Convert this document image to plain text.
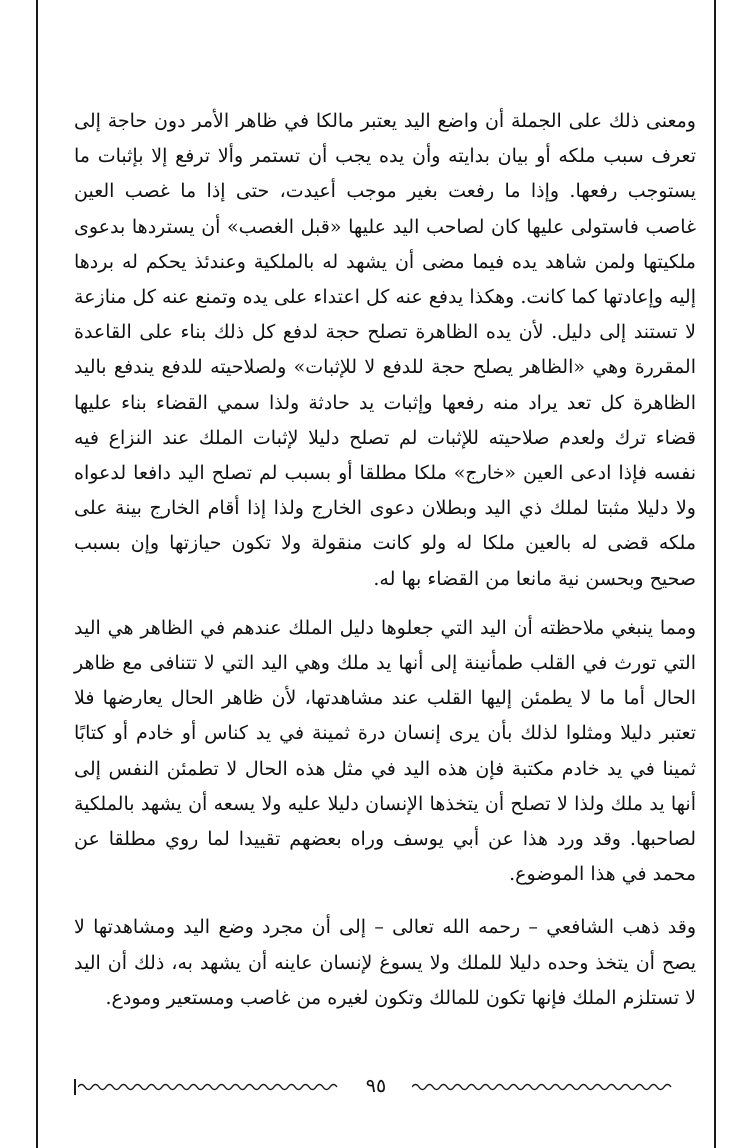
ومعنى ذلك على الجملة أن واضع اليد يعتبر مالكا في ظاهر الأمر دون حاجة إلى تعرف سبب ملكه أو بيان بدايته وأن يده يجب أن تستمر وألا ترفع إلا بإثبات ما يستوجب رفعها. وإذا ما رفعت بغير موجب أعيدت، حتى إذا ما غصب العين غاصب فاستولى عليها كان لصاحب اليد عليها «قبل الغصب» أن يستردها بدعوى ملكيتها ولمن شاهد يده فيما مضى أن يشهد له بالملكية وعندئذ يحكم له بردها إليه وإعادتها كما كانت. وهكذا يدفع عنه كل اعتداء على يده وتمنع عنه كل منازعة لا تستند إلى دليل. لأن يده الظاهرة تصلح حجة لدفع كل ذلك بناء على القاعدة المقررة وهي «الظاهر يصلح حجة للدفع لا للإثبات» ولصلاحيته للدفع يندفع باليد الظاهرة كل تعد يراد منه رفعها وإثبات يد حادثة ولذا سمي القضاء بناء عليها قضاء ترك ولعدم صلاحيته للإثبات لم تصلح دليلا لإثبات الملك عند النزاع فيه نفسه فإذا ادعى العين «خارج» ملكا مطلقا أو بسبب لم تصلح اليد دافعا لدعواه ولا دليلا مثبتا لملك ذي اليد وبطلان دعوى الخارج ولذا إذا أقام الخارج بينة على ملكه قضى له بالعين ملكا له ولو كانت منقولة ولا تكون حيازتها وإن بسبب صحيح وبحسن نية مانعا من القضاء بها له.

ومما ينبغي ملاحظته أن اليد التي جعلوها دليل الملك عندهم في الظاهر هي اليد التي تورث في القلب طمأنينة إلى أنها يد ملك وهي اليد التي لا تتنافى مع ظاهر الحال أما ما لا يطمئن إليها القلب عند مشاهدتها، لأن ظاهر الحال يعارضها فلا تعتبر دليلا ومثلوا لذلك بأن يرى إنسان درة ثمينة في يد كناس أو خادم أو كتابًا ثمينا في يد خادم مكتبة فإن هذه اليد في مثل هذه الحال لا تطمئن النفس إلى أنها يد ملك ولذا لا تصلح أن يتخذها الإنسان دليلا عليه ولا يسعه أن يشهد بالملكية لصاحبها. وقد ورد هذا عن أبي يوسف وراه بعضهم تقييدا لما روي مطلقا عن محمد في هذا الموضوع.

وقد ذهب الشافعي – رحمه الله تعالى – إلى أن مجرد وضع اليد ومشاهدتها لا يصح أن يتخذ وحده دليلا للملك ولا يسوغ لإنسان عاينه أن يشهد به، ذلك أن اليد لا تستلزم الملك فإنها تكون للمالك وتكون لغيره من غاصب ومستعير ومودع.

٩٥
